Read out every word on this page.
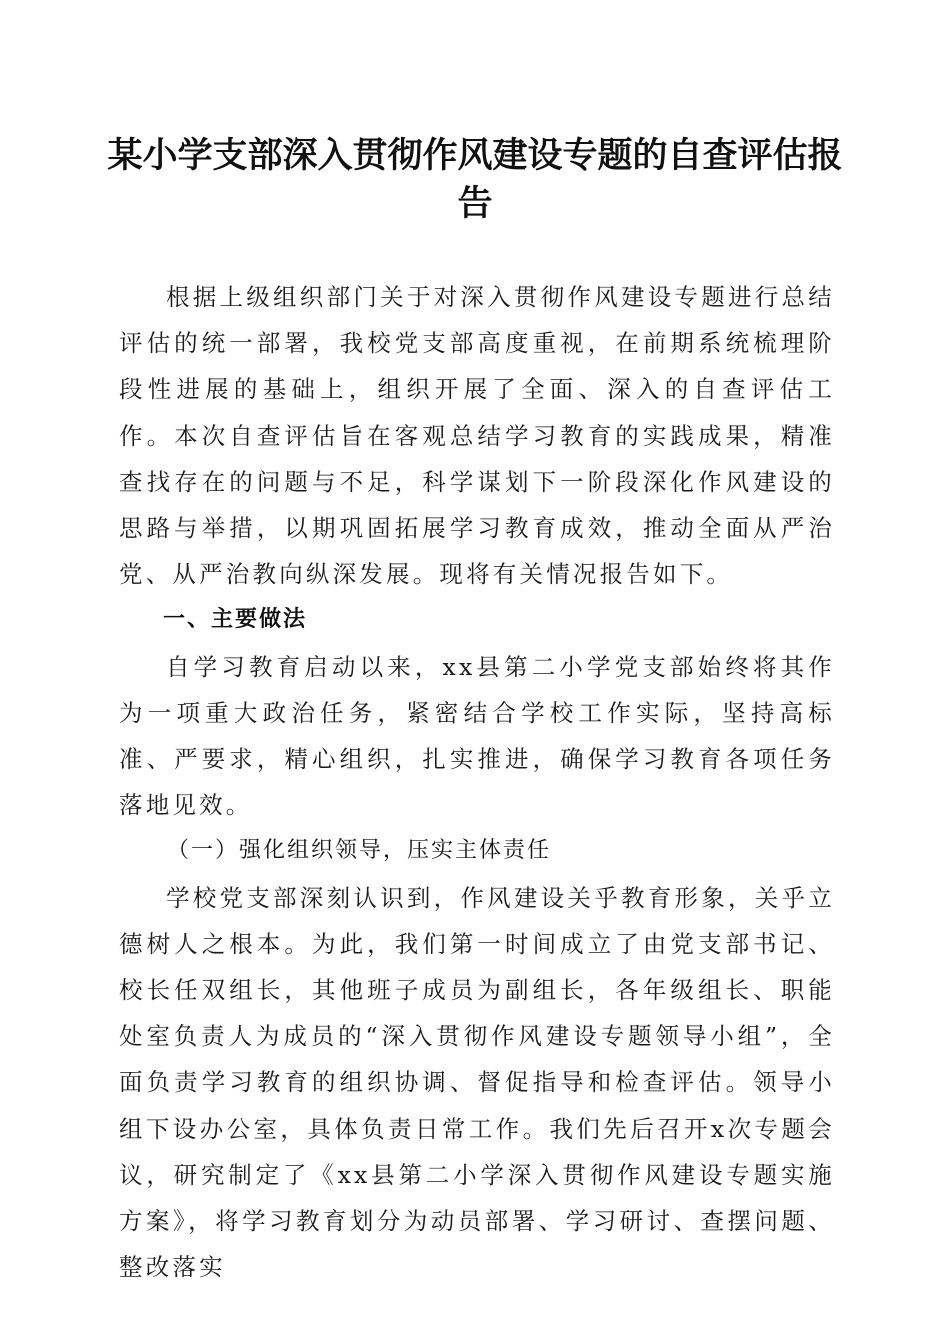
某小学支部深入贯彻作风建设专题的自查评估报告

根据上级组织部门关于对深入贯彻作风建设专题进行总结评估的统一部署，我校党支部高度重视，在前期系统梳理阶段性进展的基础上，组织开展了全面、深入的自查评估工作。本次自查评估旨在客观总结学习教育的实践成果，精准查找存在的问题与不足，科学谋划下一阶段深化作风建设的思路与举措，以期巩固拓展学习教育成效，推动全面从严治党、从严治教向纵深发展。现将有关情况报告如下。

一、主要做法

自学习教育启动以来，xx县第二小学党支部始终将其作为一项重大政治任务，紧密结合学校工作实际，坚持高标准、严要求，精心组织，扎实推进，确保学习教育各项任务落地见效。

（一）强化组织领导，压实主体责任

学校党支部深刻认识到，作风建设关乎教育形象，关乎立德树人之根本。为此，我们第一时间成立了由党支部书记、校长任双组长，其他班子成员为副组长，各年级组长、职能处室负责人为成员的“深入贯彻作风建设专题领导小组”，全面负责学习教育的组织协调、督促指导和检查评估。领导小组下设办公室，具体负责日常工作。我们先后召开x次专题会议，研究制定了《xx县第二小学深入贯彻作风建设专题实施方案》，将学习教育划分为动员部署、学习研讨、查摆问题、整改落实
